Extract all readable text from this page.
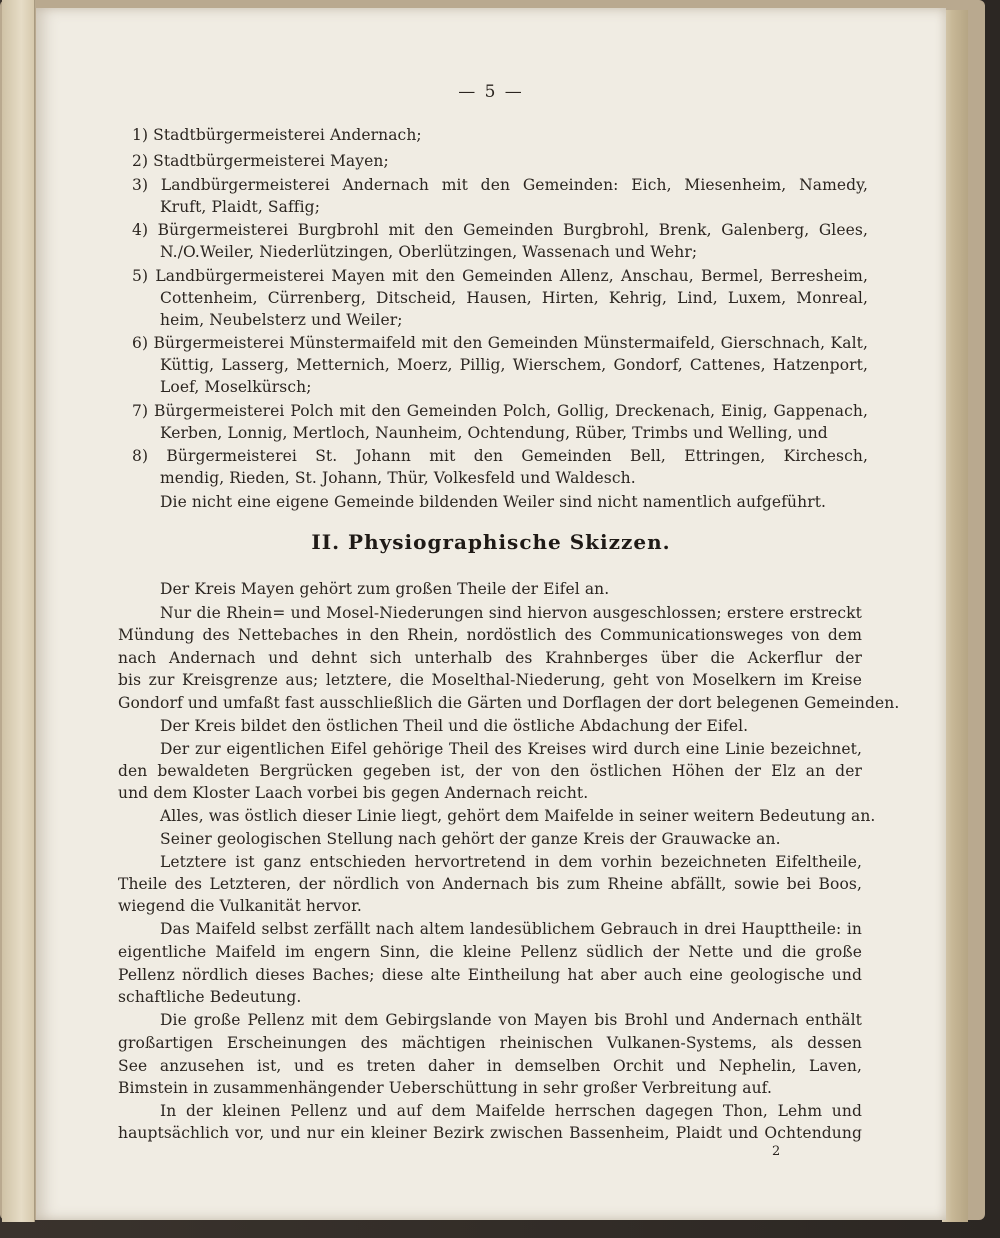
— 5 —
1) Stadtbürgermeisterei Andernach;
2) Stadtbürgermeisterei Mayen;
3) Landbürgermeisterei Andernach mit den Gemeinden: Eich, Miesenheim, Namedy,
Kruft, Plaidt, Saffig;
4) Bürgermeisterei Burgbrohl mit den Gemeinden Burgbrohl, Brenk, Galenberg, Glees,
N./O.Weiler, Niederlützingen, Oberlützingen, Wassenach und Wehr;
5) Landbürgermeisterei Mayen mit den Gemeinden Allenz, Anschau, Bermel, Berresheim,
Cottenheim, Cürrenberg, Ditscheid, Hausen, Hirten, Kehrig, Lind, Luxem, Monreal,
heim, Neubelsterz und Weiler;
6) Bürgermeisterei Münstermaifeld mit den Gemeinden Münstermaifeld, Gierschnach, Kalt,
Küttig, Lasserg, Metternich, Moerz, Pillig, Wierschem, Gondorf, Cattenes, Hatzenport,
Loef, Moselkürsch;
7) Bürgermeisterei Polch mit den Gemeinden Polch, Gollig, Dreckenach, Einig, Gappenach,
Kerben, Lonnig, Mertloch, Naunheim, Ochtendung, Rüber, Trimbs und Welling, und
8) Bürgermeisterei St. Johann mit den Gemeinden Bell, Ettringen, Kirchesch,
mendig, Rieden, St. Johann, Thür, Volkesfeld und Waldesch.
Die nicht eine eigene Gemeinde bildenden Weiler sind nicht namentlich aufgeführt.
II. Physiographische Skizzen.
Der Kreis Mayen gehört zum großen Theile der Eifel an.
Nur die Rhein= und Mosel-Niederungen sind hiervon ausgeschlossen; erstere erstreckt
Mündung des Nettebaches in den Rhein, nordöstlich des Communicationsweges von dem
nach Andernach und dehnt sich unterhalb des Krahnberges über die Ackerflur der
bis zur Kreisgrenze aus; letztere, die Moselthal-Niederung, geht von Moselkern im Kreise
Gondorf und umfaßt fast ausschließlich die Gärten und Dorflagen der dort belegenen Gemeinden.
Der Kreis bildet den östlichen Theil und die östliche Abdachung der Eifel.
Der zur eigentlichen Eifel gehörige Theil des Kreises wird durch eine Linie bezeichnet,
den bewaldeten Bergrücken gegeben ist, der von den östlichen Höhen der Elz an der
und dem Kloster Laach vorbei bis gegen Andernach reicht.
Alles, was östlich dieser Linie liegt, gehört dem Maifelde in seiner weitern Bedeutung an.
Seiner geologischen Stellung nach gehört der ganze Kreis der Grauwacke an.
Letztere ist ganz entschieden hervortretend in dem vorhin bezeichneten Eifeltheile,
Theile des Letzteren, der nördlich von Andernach bis zum Rheine abfällt, sowie bei Boos,
wiegend die Vulkanität hervor.
Das Maifeld selbst zerfällt nach altem landesüblichem Gebrauch in drei Haupttheile: in
eigentliche Maifeld im engern Sinn, die kleine Pellenz südlich der Nette und die große
Pellenz nördlich dieses Baches; diese alte Eintheilung hat aber auch eine geologische und
schaftliche Bedeutung.
Die große Pellenz mit dem Gebirgslande von Mayen bis Brohl und Andernach enthält
großartigen Erscheinungen des mächtigen rheinischen Vulkanen-Systems, als dessen
See anzusehen ist, und es treten daher in demselben Orchit und Nephelin, Laven,
Bimstein in zusammenhängender Ueberschüttung in sehr großer Verbreitung auf.
In der kleinen Pellenz und auf dem Maifelde herrschen dagegen Thon, Lehm und
hauptsächlich vor, und nur ein kleiner Bezirk zwischen Bassenheim, Plaidt und Ochtendung
2
